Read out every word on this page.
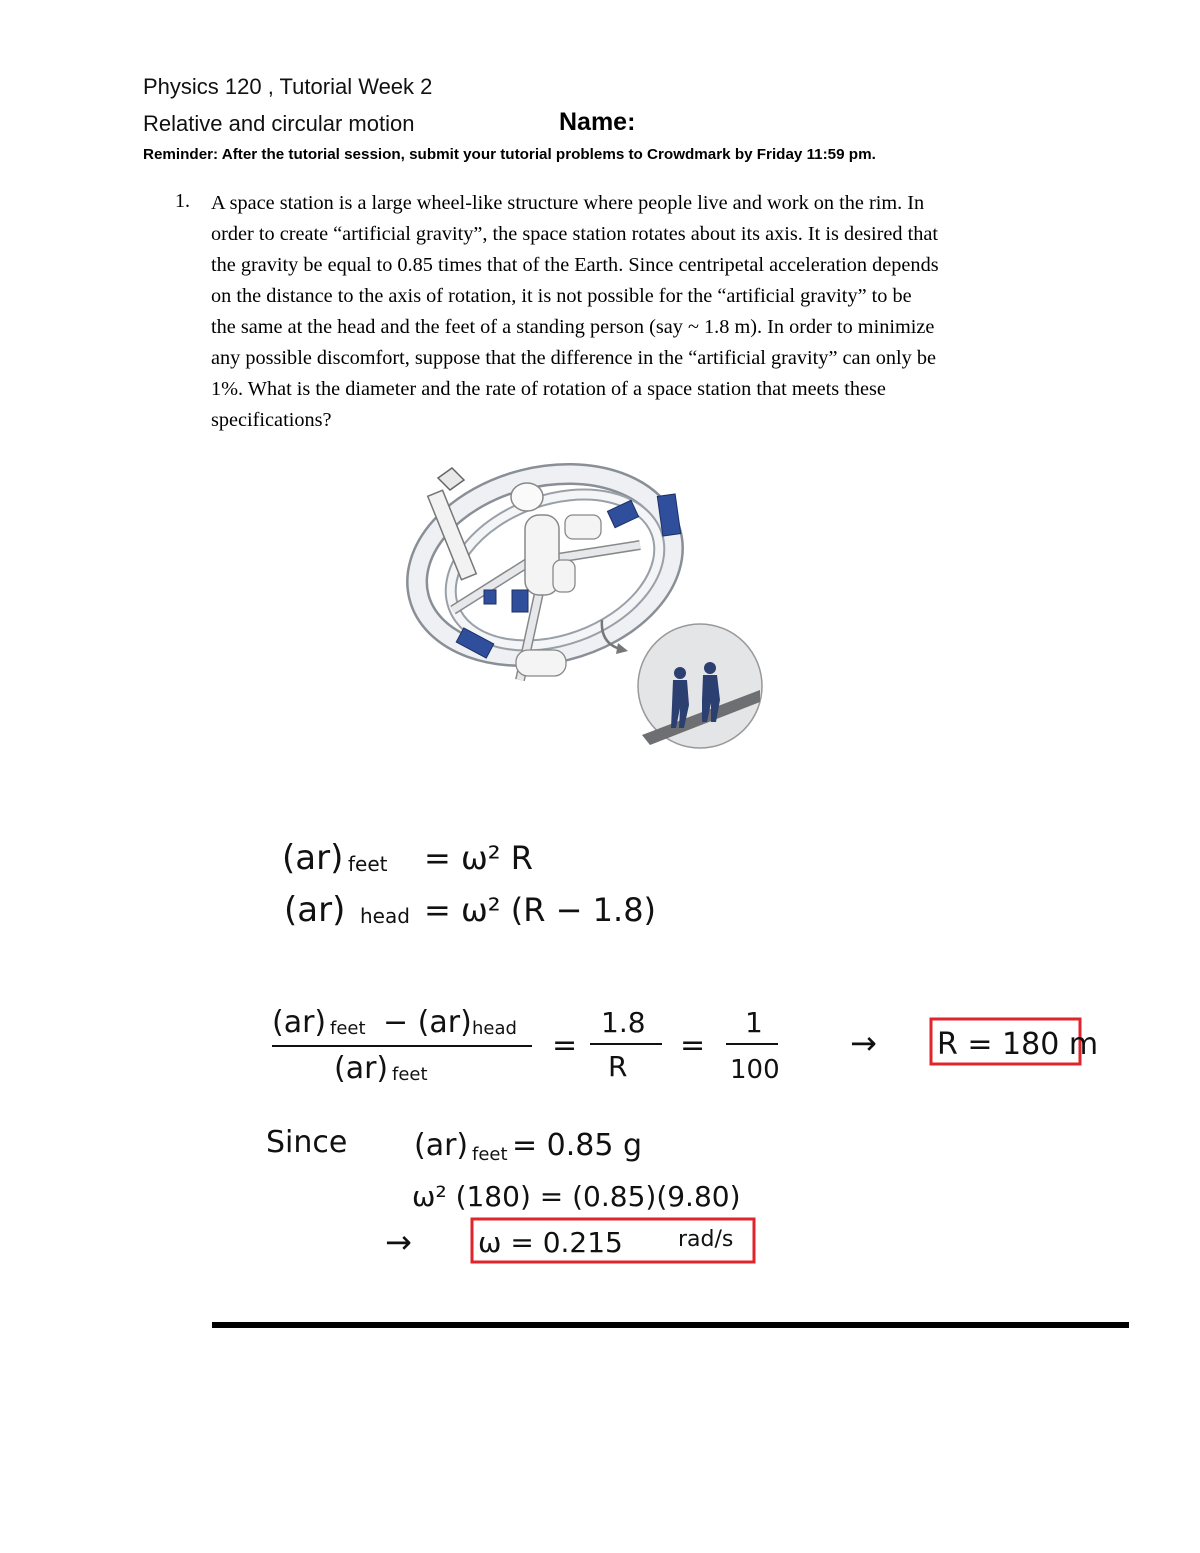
Physics 120 , Tutorial Week 2
Relative and circular motion	Name:
Reminder: After the tutorial session, submit your tutorial problems to Crowdmark by Friday 11:59 pm.
1. A space station is a large wheel-like structure where people live and work on the rim. In
order to create “artificial gravity”, the space station rotates about its axis. It is desired that
the gravity be equal to 0.85 times that of the Earth. Since centripetal acceleration depends
on the distance to the axis of rotation, it is not possible for the “artificial gravity” to be
the same at the head and the feet of a standing person (say ~ 1.8 m). In order to minimize
any possible discomfort, suppose that the difference in the “artificial gravity” can only be
1%. What is the diameter and the rate of rotation of a space station that meets these
specifications?
(ar) feet = ω² R
(ar) head = ω² (R − 1.8)
(ar) feet − (ar) head
(ar) feet
=
1.8
R
=
1
100
→ R = 180 m
Since (ar) feet = 0.85 g
ω² (180) = (0.85)(9.80)
→ ω = 0.215	rad/s
